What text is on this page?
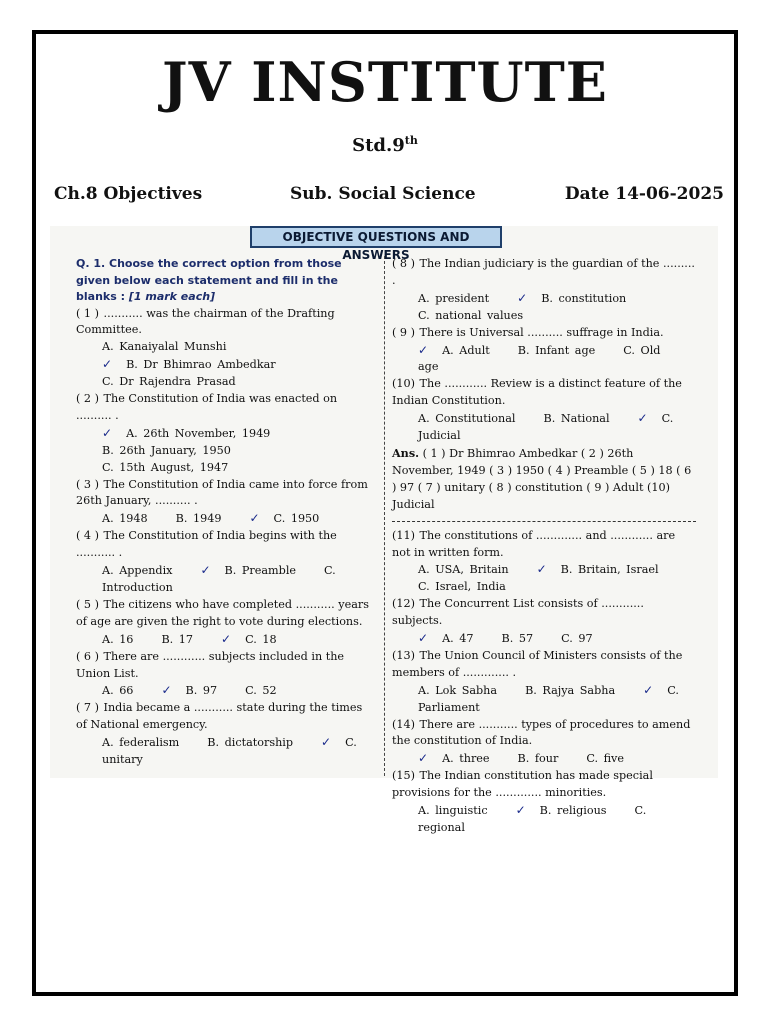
JV INSTITUTE
Std.9th
Ch.8 Objectives	Sub. Social Science	Date 14-06-2025
OBJECTIVE QUESTIONS AND ANSWERS
Q. 1. Choose the correct option from those given below each statement and fill in the blanks : [1 mark each]
( 1 ) ........... was the chairman of the Drafting Committee.
A. Kanaiyalal Munshi
✓ B. Dr Bhimrao Ambedkar
C. Dr Rajendra Prasad
( 2 ) The Constitution of India was enacted on .......... .
✓ A. 26th November, 1949
B. 26th January, 1950
C. 15th August, 1947
( 3 ) The Constitution of India came into force from 26th January, .......... .
A. 1948	B. 1949 ✓ C. 1950
( 4 ) The Constitution of India begins with the ........... .
A. Appendix ✓ B. Preamble	C. Introduction
( 5 ) The citizens who have completed ........... years of age are given the right to vote during elections.
A. 16	B. 17 ✓ C. 18
( 6 ) There are ............ subjects included in the Union List.
A. 66 ✓ B. 97	C. 52
( 7 ) India became a ........... state during the times of National emergency.
A. federalism	B. dictatorship ✓ C. unitary
( 8 ) The Indian judiciary is the guardian of the ......... .
A. president ✓ B. constitution
C. national values
( 9 ) There is Universal .......... suffrage in India.
✓ A. Adult	B. Infant age	C. Old age
(10) The ............ Review is a distinct feature of the Indian Constitution.
A. Constitutional	B. National ✓ C. Judicial
Ans. ( 1 ) Dr Bhimrao Ambedkar ( 2 ) 26th November, 1949 ( 3 ) 1950 ( 4 ) Preamble ( 5 ) 18 ( 6 ) 97 ( 7 ) unitary ( 8 ) constitution ( 9 ) Adult (10) Judicial
(11) The constitutions of ............. and ............ are not in written form.
A. USA, Britain ✓ B. Britain, Israel
C. Israel, India
(12) The Concurrent List consists of ............ subjects.
✓ A. 47	B. 57	C. 97
(13) The Union Council of Ministers consists of the members of ............. .
A. Lok Sabha	B. Rajya Sabha ✓ C. Parliament
(14) There are ........... types of procedures to amend the constitution of India.
✓ A. three	B. four	C. five
(15) The Indian constitution has made special provisions for the ............. minorities.
A. linguistic ✓ B. religious	C. regional
